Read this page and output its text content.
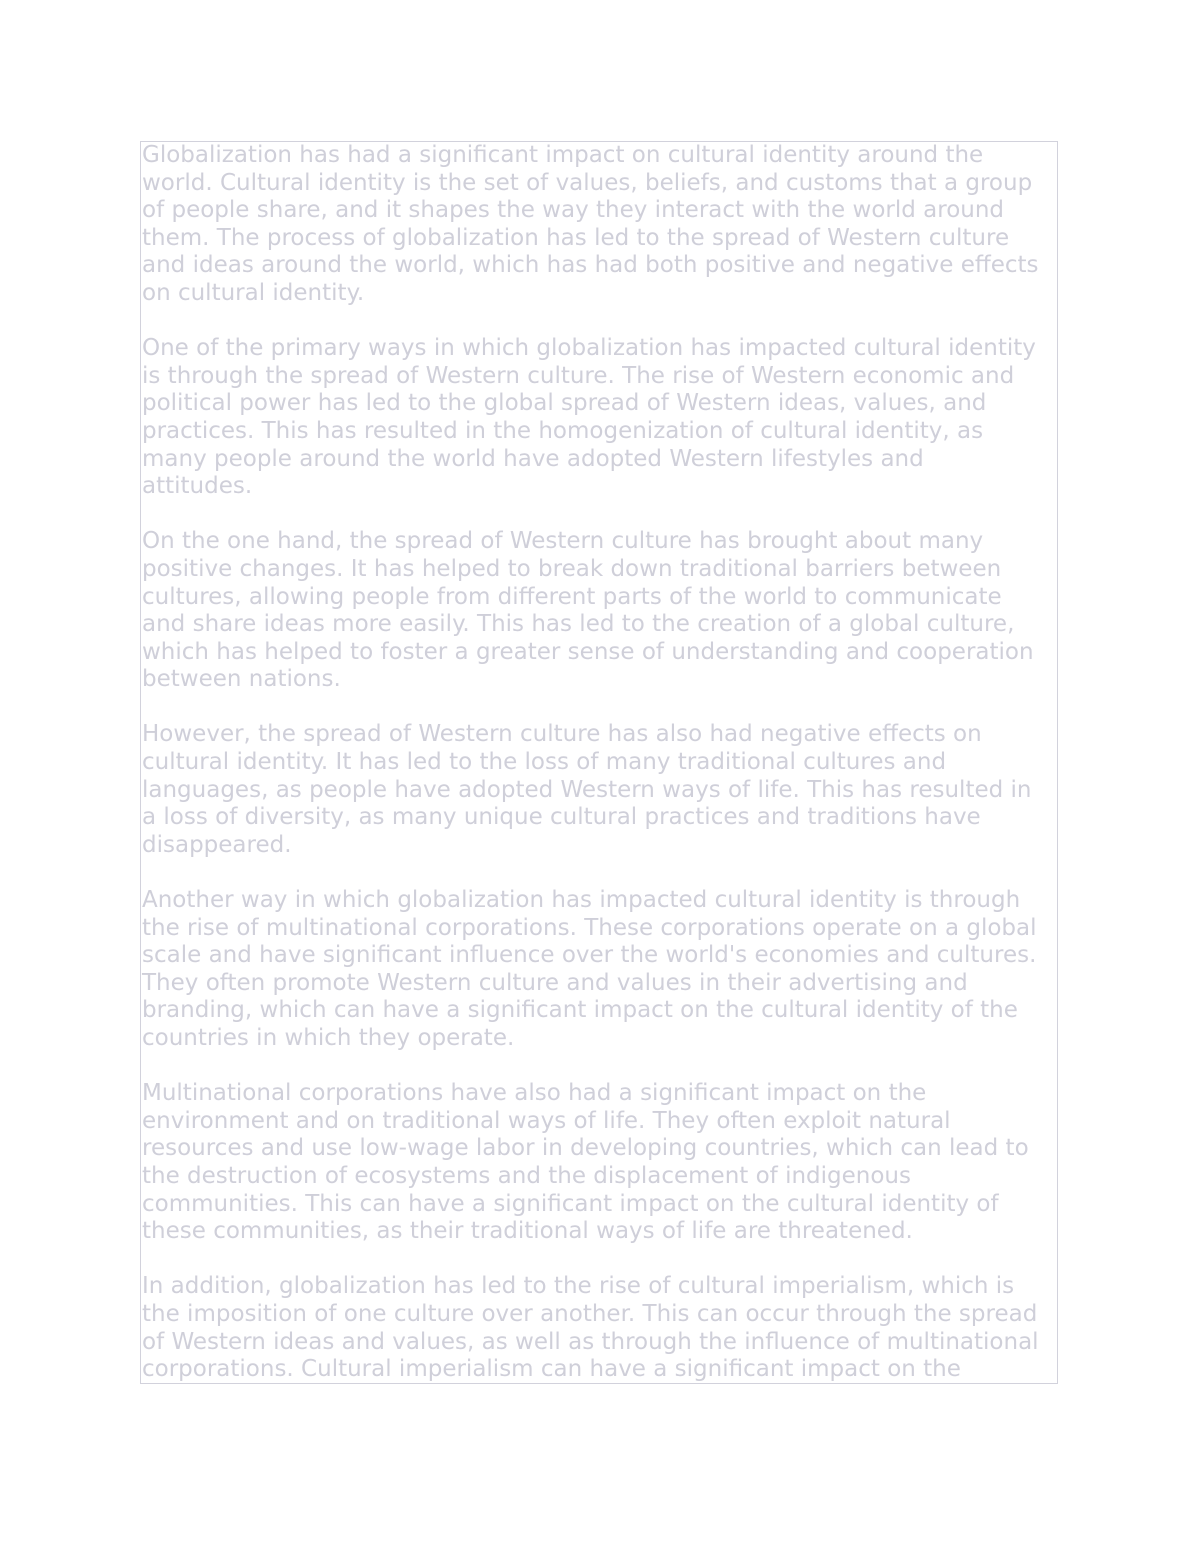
Globalization has had a significant impact on cultural identity around the
world. Cultural identity is the set of values, beliefs, and customs that a group
of people share, and it shapes the way they interact with the world around
them. The process of globalization has led to the spread of Western culture
and ideas around the world, which has had both positive and negative effects
on cultural identity.

One of the primary ways in which globalization has impacted cultural identity
is through the spread of Western culture. The rise of Western economic and
political power has led to the global spread of Western ideas, values, and
practices. This has resulted in the homogenization of cultural identity, as
many people around the world have adopted Western lifestyles and
attitudes.

On the one hand, the spread of Western culture has brought about many
positive changes. It has helped to break down traditional barriers between
cultures, allowing people from different parts of the world to communicate
and share ideas more easily. This has led to the creation of a global culture,
which has helped to foster a greater sense of understanding and cooperation
between nations.

However, the spread of Western culture has also had negative effects on
cultural identity. It has led to the loss of many traditional cultures and
languages, as people have adopted Western ways of life. This has resulted in
a loss of diversity, as many unique cultural practices and traditions have
disappeared.

Another way in which globalization has impacted cultural identity is through
the rise of multinational corporations. These corporations operate on a global
scale and have significant influence over the world's economies and cultures.
They often promote Western culture and values in their advertising and
branding, which can have a significant impact on the cultural identity of the
countries in which they operate.

Multinational corporations have also had a significant impact on the
environment and on traditional ways of life. They often exploit natural
resources and use low-wage labor in developing countries, which can lead to
the destruction of ecosystems and the displacement of indigenous
communities. This can have a significant impact on the cultural identity of
these communities, as their traditional ways of life are threatened.

In addition, globalization has led to the rise of cultural imperialism, which is
the imposition of one culture over another. This can occur through the spread
of Western ideas and values, as well as through the influence of multinational
corporations. Cultural imperialism can have a significant impact on the
